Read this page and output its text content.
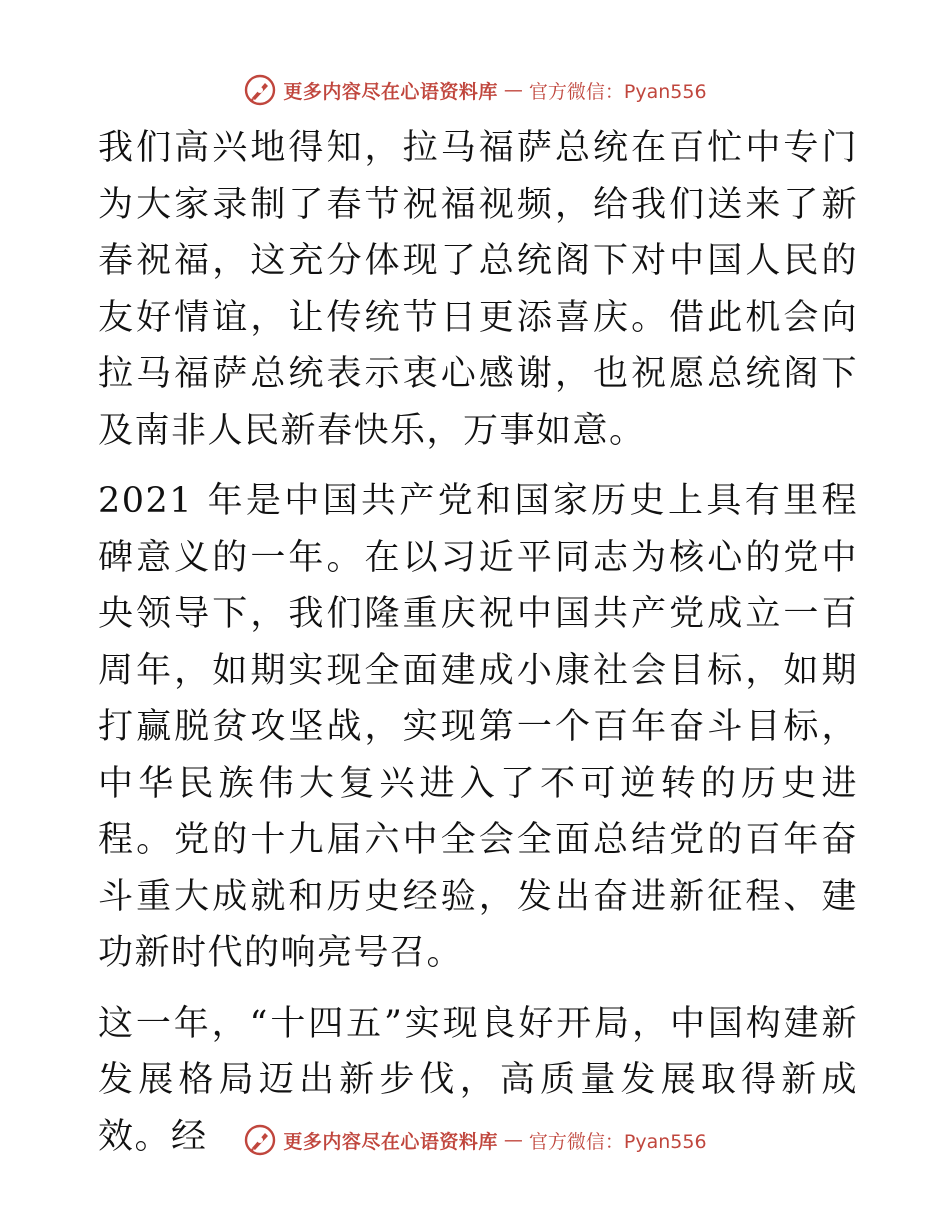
更多内容尽在心语资料库 — 官方微信：Pyan556

我们高兴地得知，拉马福萨总统在百忙中专门为大家录制了春节祝福视频，给我们送来了新春祝福，这充分体现了总统阁下对中国人民的友好情谊，让传统节日更添喜庆。借此机会向拉马福萨总统表示衷心感谢，也祝愿总统阁下及南非人民新春快乐，万事如意。

2021 年是中国共产党和国家历史上具有里程碑意义的一年。在以习近平同志为核心的党中央领导下，我们隆重庆祝中国共产党成立一百周年，如期实现全面建成小康社会目标，如期打赢脱贫攻坚战，实现第一个百年奋斗目标，中华民族伟大复兴进入了不可逆转的历史进程。党的十九届六中全会全面总结党的百年奋斗重大成就和历史经验，发出奋进新征程、建功新时代的响亮号召。

这一年，“十四五”实现良好开局，中国构建新发展格局迈出新步伐，高质量发展取得新成效。经	更多内容尽在心语资料库 — 官方微信：Pyan556
